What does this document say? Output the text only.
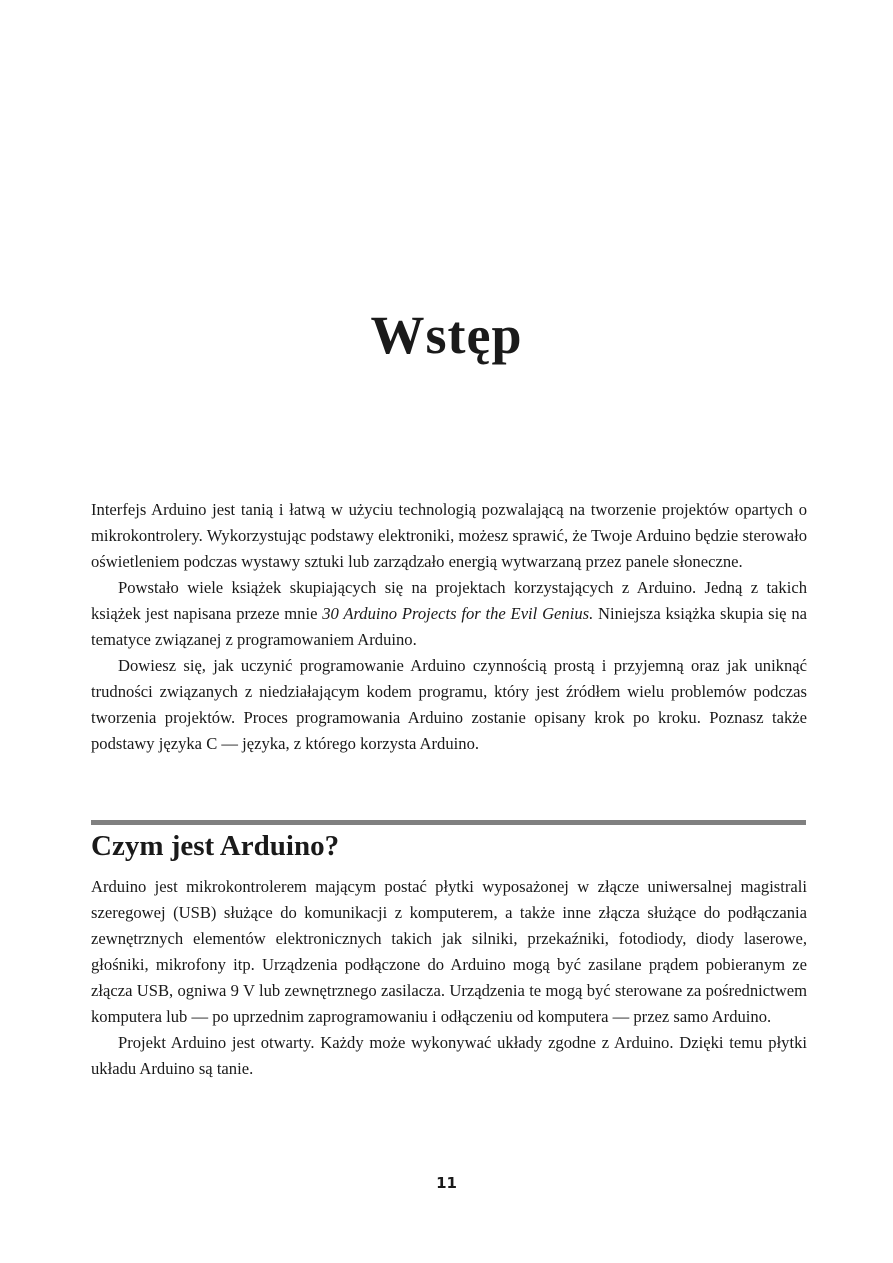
Wstęp

Interfejs Arduino jest tanią i łatwą w użyciu technologią pozwalającą na tworzenie projektów opartych o mikrokontrolery. Wykorzystując podstawy elektroniki, możesz sprawić, że Twoje Arduino będzie sterowało oświetleniem podczas wystawy sztuki lub zarządzało energią wytwarzaną przez panele słoneczne.

Powstało wiele książek skupiających się na projektach korzystających z Arduino. Jedną z takich książek jest napisana przeze mnie 30 Arduino Projects for the Evil Genius. Niniejsza książka skupia się na tematyce związanej z programowaniem Arduino.

Dowiesz się, jak uczynić programowanie Arduino czynnością prostą i przyjemną oraz jak uniknąć trudności związanych z niedziałającym kodem programu, który jest źródłem wielu problemów podczas tworzenia projektów. Proces programowania Arduino zostanie opisany krok po kroku. Poznasz także podstawy języka C — języka, z którego korzysta Arduino.

Czym jest Arduino?

Arduino jest mikrokontrolerem mającym postać płytki wyposażonej w złącze uniwersalnej magistrali szeregowej (USB) służące do komunikacji z komputerem, a także inne złącza służące do podłączania zewnętrznych elementów elektronicznych takich jak silniki, przekaźniki, fotodiody, diody laserowe, głośniki, mikrofony itp. Urządzenia podłączone do Arduino mogą być zasilane prądem pobieranym ze złącza USB, ogniwa 9 V lub zewnętrznego zasilacza. Urządzenia te mogą być sterowane za pośrednictwem komputera lub — po uprzednim zaprogramowaniu i odłączeniu od komputera — przez samo Arduino.

Projekt Arduino jest otwarty. Każdy może wykonywać układy zgodne z Arduino. Dzięki temu płytki układu Arduino są tanie.

11
